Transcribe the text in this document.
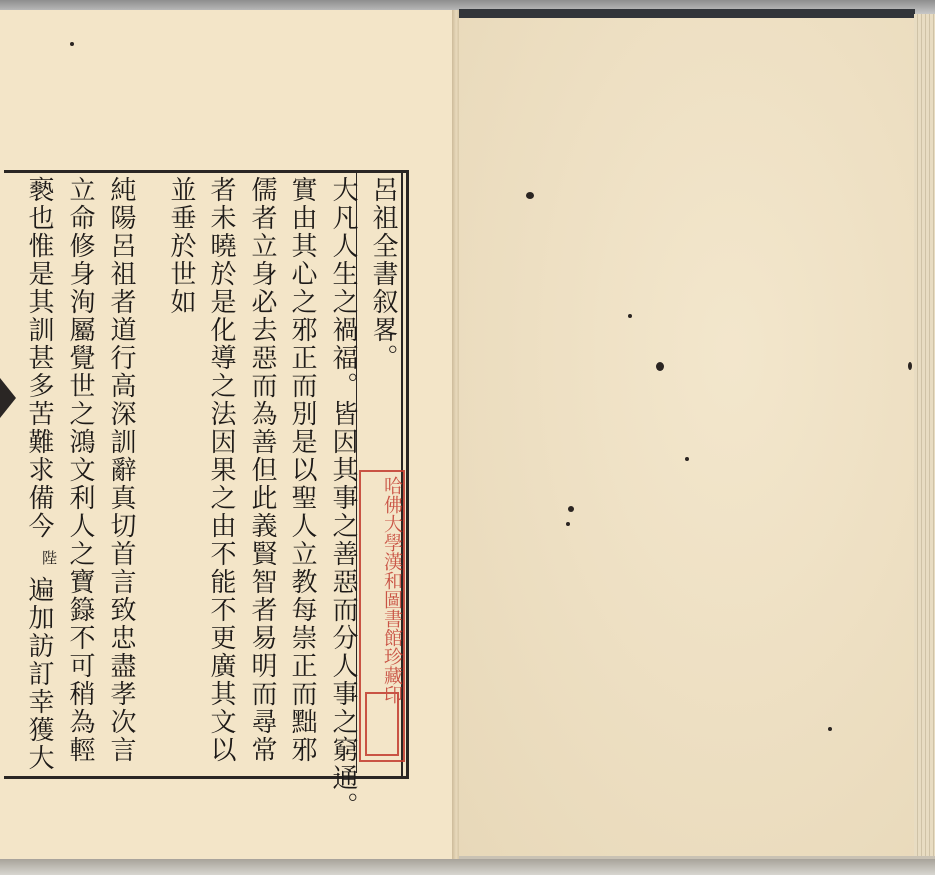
呂祖全書叙畧。
大凡人生之禍福。皆因其事之善惡而分人事之窮通。
實由其心之邪正而別是以聖人立教每崇正而黜邪
儒者立身必去惡而為善但此義賢智者易明而尋常
者未曉於是化導之法因果之由不能不更廣其文以
並垂於世如
純陽呂祖者道行高深訓辭真切首言致忠盡孝次言
立命修身洵屬覺世之鴻文利人之寶籙不可稍為輕
褻也惟是其訓甚多苦難求備今
陛
遍加訪訂幸獲大	哈佛大學漢和圖書館珍藏印
